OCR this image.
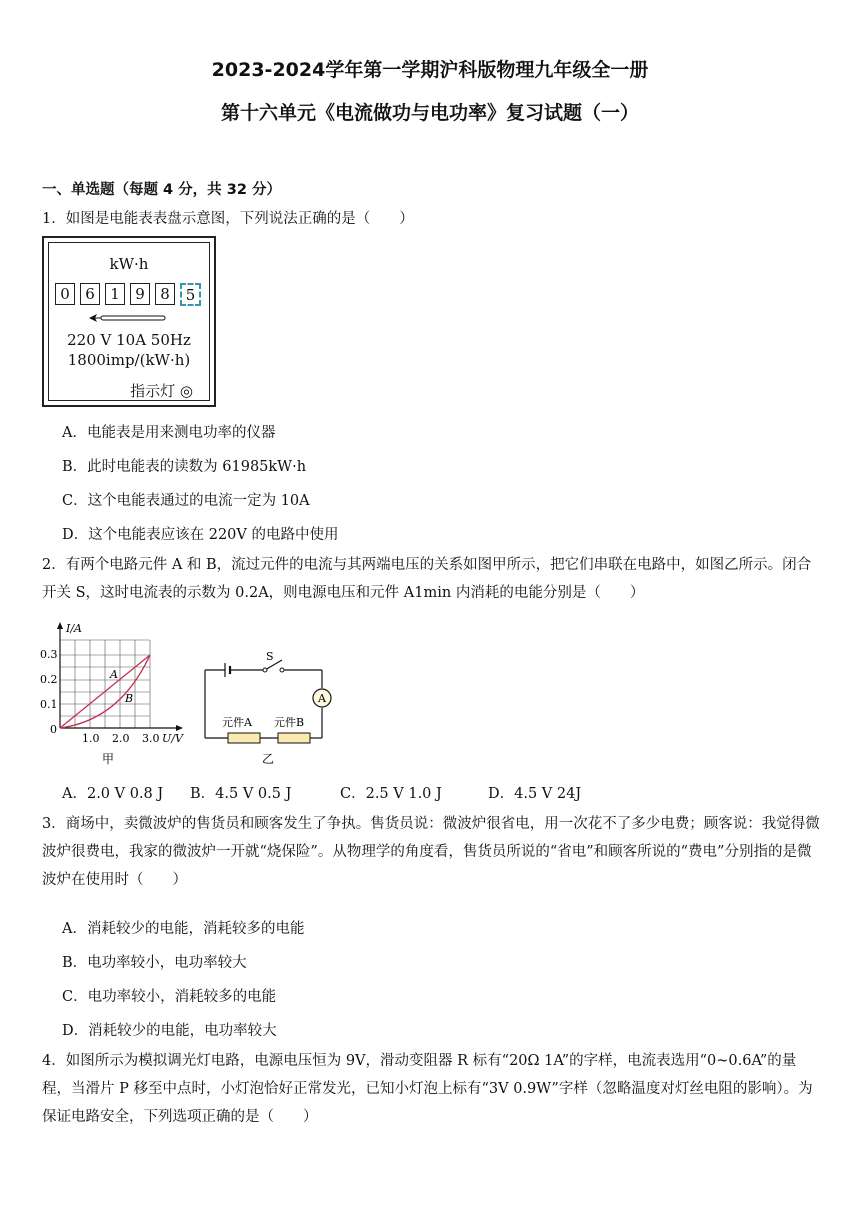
2023-2024学年第一学期沪科版物理九年级全一册
第十六单元《电流做功与电功率》复习试题（一）
一、单选题（每题 4 分，共 32 分）
1．如图是电能表表盘示意图，下列说法正确的是（　　）
kW·h
0	6	1	9	8	5
220 V 10A 50Hz
1800imp/(kW·h)
指示灯 ◎
A．电能表是用来测电功率的仪器
B．此时电能表的读数为 61985kW·h
C．这个电能表通过的电流一定为 10A
D．这个电能表应该在 220V 的电路中使用
2．有两个电路元件 A 和 B，流过元件的电流与其两端电压的关系如图甲所示，把它们串联在电路中，如图乙所示。闭合开关 S，这时电流表的示数为 0.2A，则电源电压和元件 A1min 内消耗的电能分别是（　　）
I/A
0.3
0.2
0.1
0
1.0 2.0 3.0 U/V
A
B
甲
A
S
元件A 元件B
乙
A．2.0 V 0.8 J B．4.5 V 0.5 J	C．2.5 V 1.0 J	D．4.5 V 24J
3．商场中，卖微波炉的售货员和顾客发生了争执。售货员说：微波炉很省电，用一次花不了多少电费；顾客说：我觉得微波炉很费电，我家的微波炉一开就“烧保险”。从物理学的角度看，售货员所说的“省电”和顾客所说的“费电”分别指的是微波炉在使用时（　　）
A．消耗较少的电能，消耗较多的电能
B．电功率较小，电功率较大
C．电功率较小，消耗较多的电能
D．消耗较少的电能，电功率较大
4．如图所示为模拟调光灯电路，电源电压恒为 9V，滑动变阻器 R 标有“20Ω 1A”的字样，电流表选用“0~0.6A”的量程，当滑片 P 移至中点时，小灯泡恰好正常发光，已知小灯泡上标有“3V 0.9W”字样（忽略温度对灯丝电阻的影响）。为保证电路安全，下列选项正确的是（　　）
